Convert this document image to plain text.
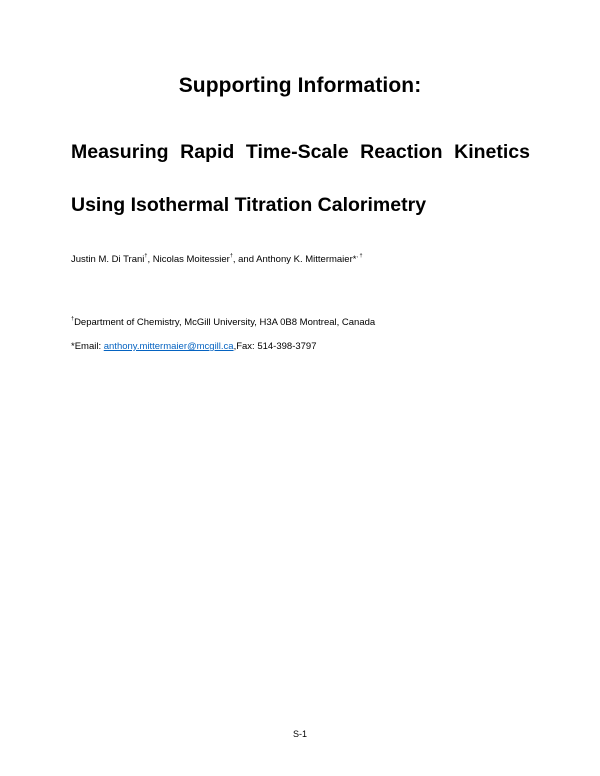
Supporting Information:
Measuring Rapid Time-Scale Reaction Kinetics
Using Isothermal Titration Calorimetry
Justin M. Di Trani†, Nicolas Moitessier†, and Anthony K. Mittermaier*, †
†Department of Chemistry, McGill University, H3A 0B8 Montreal, Canada
*Email: anthony.mittermaier@mcgill.ca,Fax: 514-398-3797
S-1
